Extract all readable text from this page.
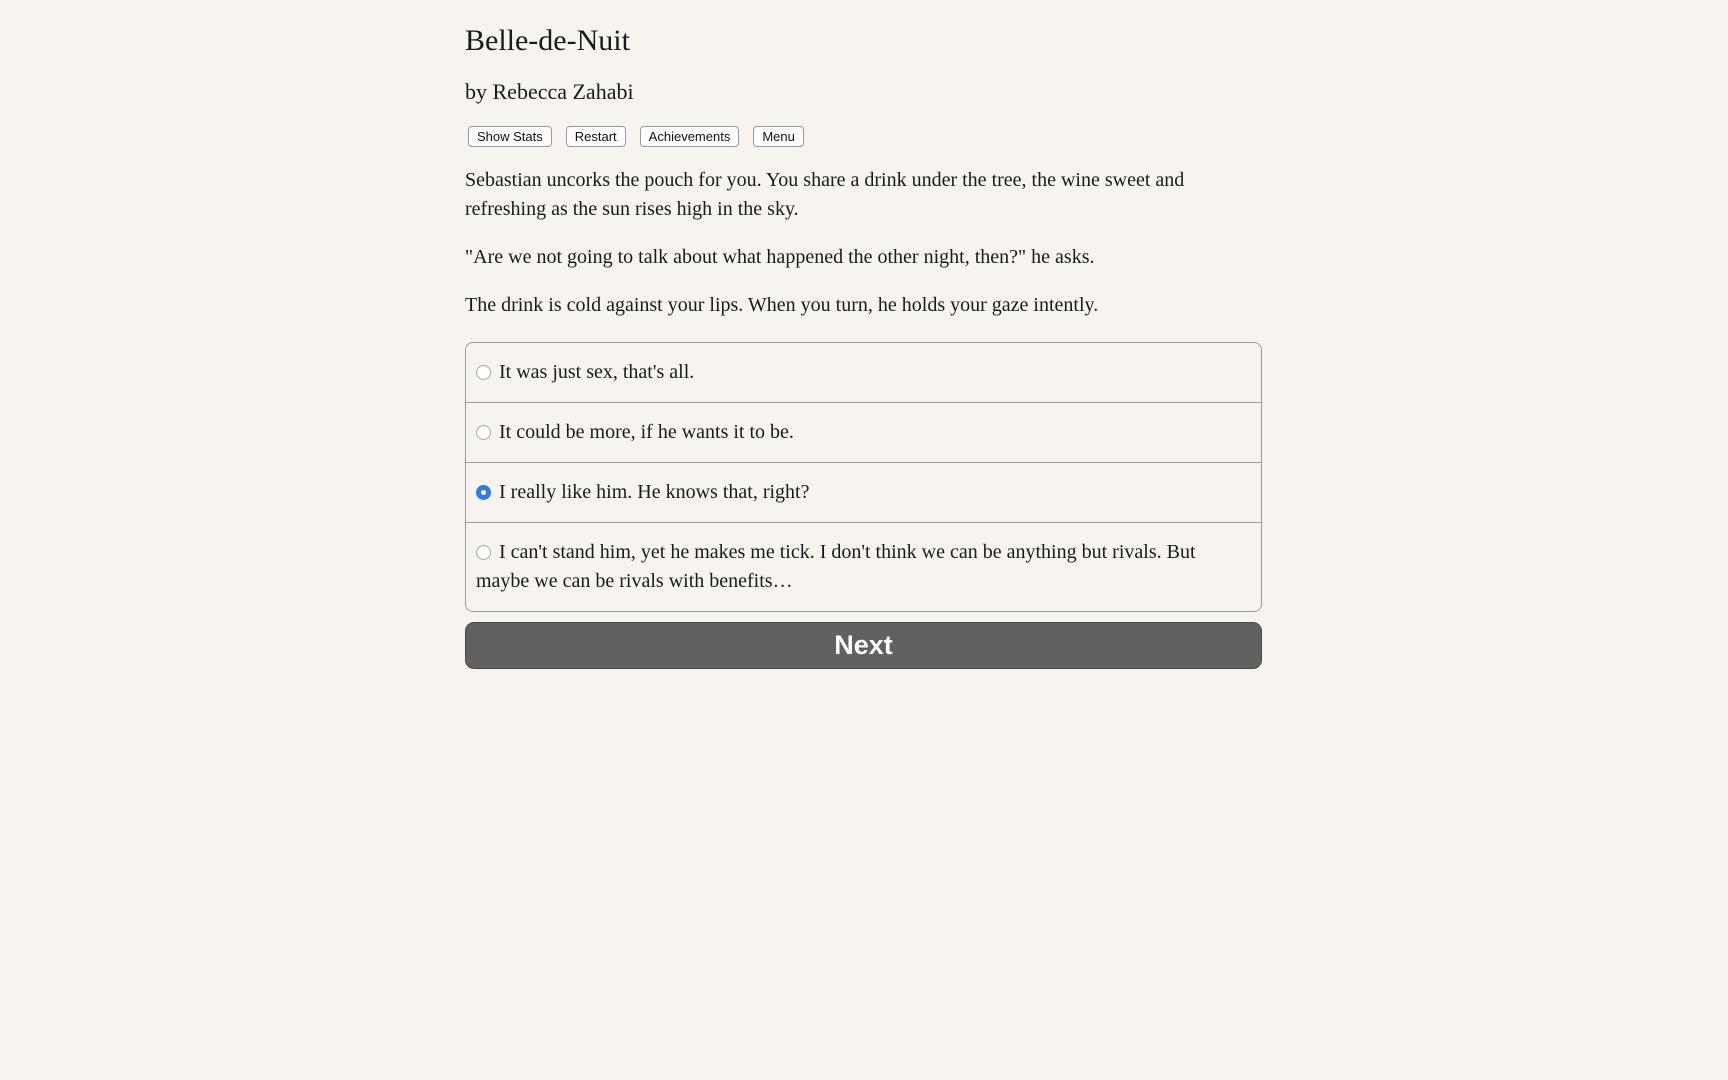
Belle-de-Nuit
by Rebecca Zahabi
Show Stats	Restart	Achievements	Menu

Sebastian uncorks the pouch for you. You share a drink under the tree, the wine sweet and refreshing as the sun rises high in the sky.

"Are we not going to talk about what happened the other night, then?" he asks.

The drink is cold against your lips. When you turn, he holds your gaze intently.

It was just sex, that's all.
It could be more, if he wants it to be.
I really like him. He knows that, right?
I can't stand him, yet he makes me tick. I don't think we can be anything but rivals. But maybe we can be rivals with benefits…
Next
